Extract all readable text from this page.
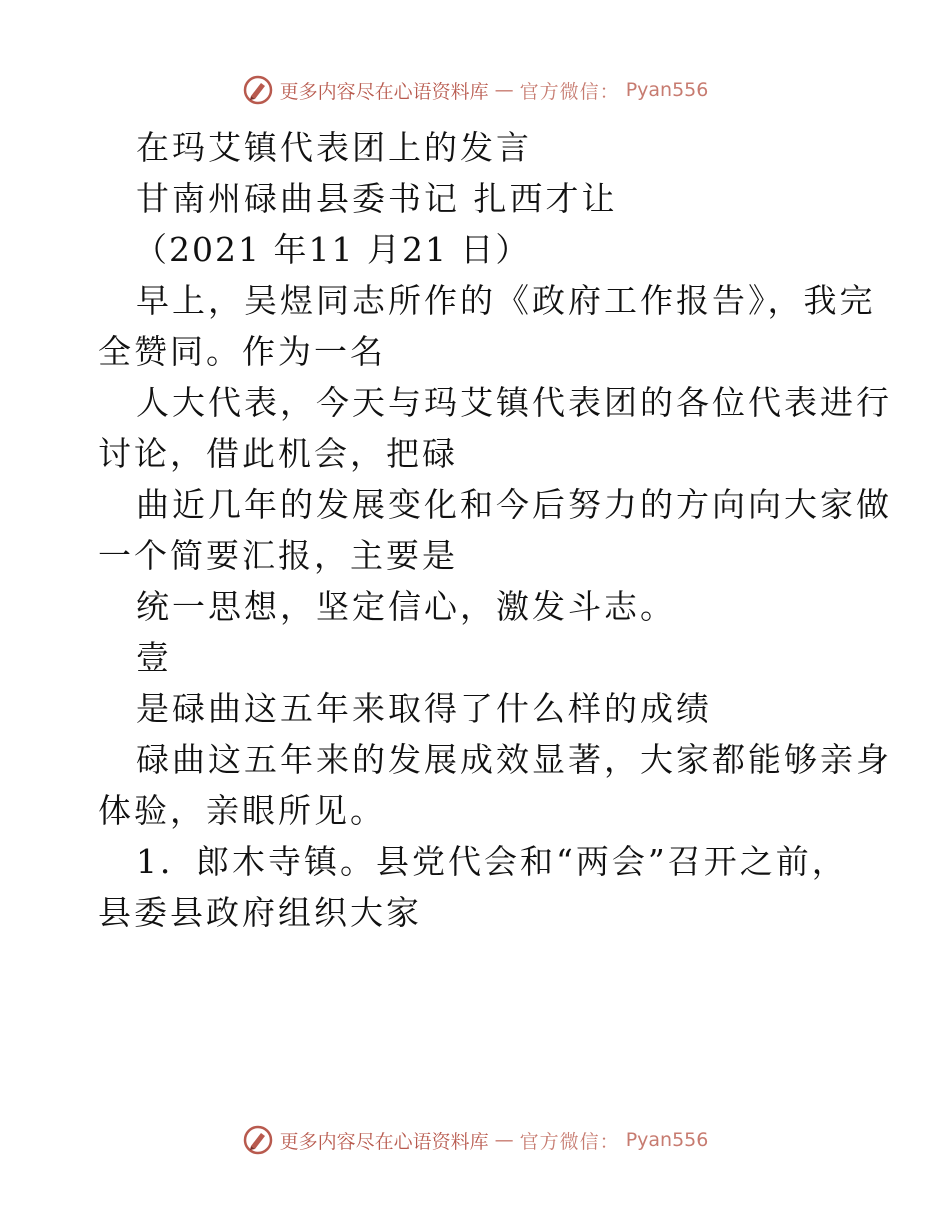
更多内容尽在心语资料库 — 官方微信： Pyan556
在玛艾镇代表团上的发言
甘南州碌曲县委书记 扎西才让
（2021 年11 月21 日）
早上，吴煜同志所作的《政府工作报告》，我完
全赞同。作为一名
人大代表，今天与玛艾镇代表团的各位代表进行
讨论，借此机会，把碌
曲近几年的发展变化和今后努力的方向向大家做
一个简要汇报，主要是
统一思想，坚定信心，激发斗志。
壹
是碌曲这五年来取得了什么样的成绩
碌曲这五年来的发展成效显著，大家都能够亲身
体验，亲眼所见。
1．郎木寺镇。县党代会和“两会”召开之前，
县委县政府组织大家
更多内容尽在心语资料库 — 官方微信： Pyan556
